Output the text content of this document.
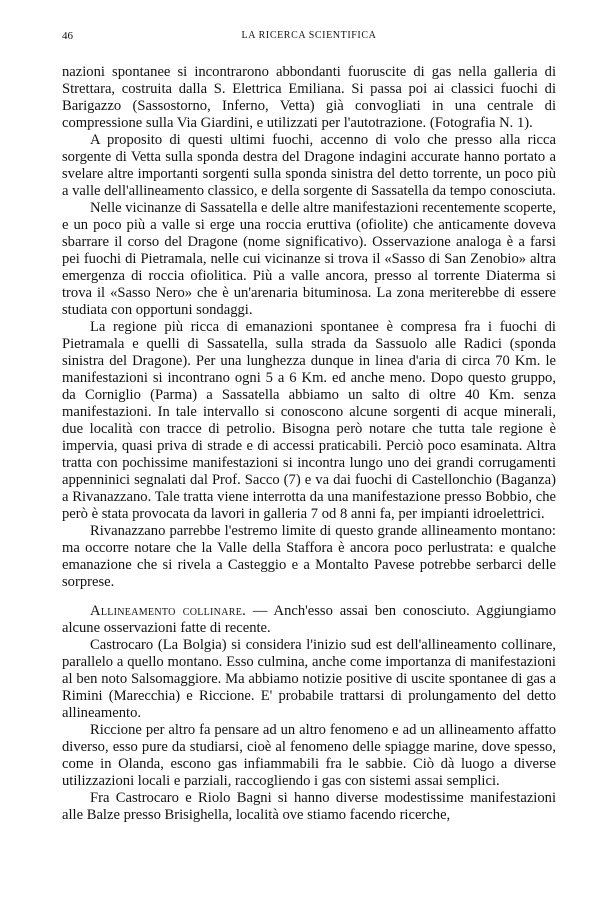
46	LA RICERCA SCIENTIFICA

nazioni spontanee si incontrarono abbondanti fuoruscite di gas nella galleria di Strettara, costruita dalla S. Elettrica Emiliana. Si passa poi ai classici fuochi di Barigazzo (Sassostorno, Inferno, Vetta) già convogliati in una centrale di compressione sulla Via Giardini, e utilizzati per l'autotrazione. (Fotografia N. 1).

A proposito di questi ultimi fuochi, accenno di volo che presso alla ricca sorgente di Vetta sulla sponda destra del Dragone indagini accurate hanno portato a svelare altre importanti sorgenti sulla sponda sinistra del detto torrente, un poco più a valle dell'allineamento classico, e della sorgente di Sassatella da tempo conosciuta.

Nelle vicinanze di Sassatella e delle altre manifestazioni recentemente scoperte, e un poco più a valle si erge una roccia eruttiva (ofiolite) che anticamente doveva sbarrare il corso del Dragone (nome significativo). Osservazione analoga è a farsi pei fuochi di Pietramala, nelle cui vicinanze si trova il «Sasso di San Zenobio» altra emergenza di roccia ofiolitica. Più a valle ancora, presso al torrente Diaterma si trova il «Sasso Nero» che è un'arenaria bituminosa. La zona meriterebbe di essere studiata con opportuni sondaggi.

La regione più ricca di emanazioni spontanee è compresa fra i fuochi di Pietramala e quelli di Sassatella, sulla strada da Sassuolo alle Radici (sponda sinistra del Dragone). Per una lunghezza dunque in linea d'aria di circa 70 Km. le manifestazioni si incontrano ogni 5 a 6 Km. ed anche meno. Dopo questo gruppo, da Corniglio (Parma) a Sassatella abbiamo un salto di oltre 40 Km. senza manifestazioni. In tale intervallo si conoscono alcune sorgenti di acque minerali, due località con tracce di petrolio. Bisogna però notare che tutta tale regione è impervia, quasi priva di strade e di accessi praticabili. Perciò poco esaminata. Altra tratta con pochissime manifestazioni si incontra lungo uno dei grandi corrugamenti appenninici segnalati dal Prof. Sacco (7) e va dai fuochi di Castellonchio (Baganza) a Rivanazzano. Tale tratta viene interrotta da una manifestazione presso Bobbio, che però è stata provocata da lavori in galleria 7 od 8 anni fa, per impianti idroelettrici.

Rivanazzano parrebbe l'estremo limite di questo grande allineamento montano: ma occorre notare che la Valle della Staffora è ancora poco perlustrata: e qualche emanazione che si rivela a Casteggio e a Montalto Pavese potrebbe serbarci delle sorprese.

Allineamento collinare. — Anch'esso assai ben conosciuto. Aggiungiamo alcune osservazioni fatte di recente.

Castrocaro (La Bolgia) si considera l'inizio sud est dell'allineamento collinare, parallelo a quello montano. Esso culmina, anche come importanza di manifestazioni al ben noto Salsomaggiore. Ma abbiamo notizie positive di uscite spontanee di gas a Rimini (Marecchia) e Riccione. E' probabile trattarsi di prolungamento del detto allineamento.

Riccione per altro fa pensare ad un altro fenomeno e ad un allineamento affatto diverso, esso pure da studiarsi, cioè al fenomeno delle spiagge marine, dove spesso, come in Olanda, escono gas infiammabili fra le sabbie. Ciò dà luogo a diverse utilizzazioni locali e parziali, raccogliendo i gas con sistemi assai semplici.

Fra Castrocaro e Riolo Bagni si hanno diverse modestissime manifestazioni alle Balze presso Brisighella, località ove stiamo facendo ricerche,
